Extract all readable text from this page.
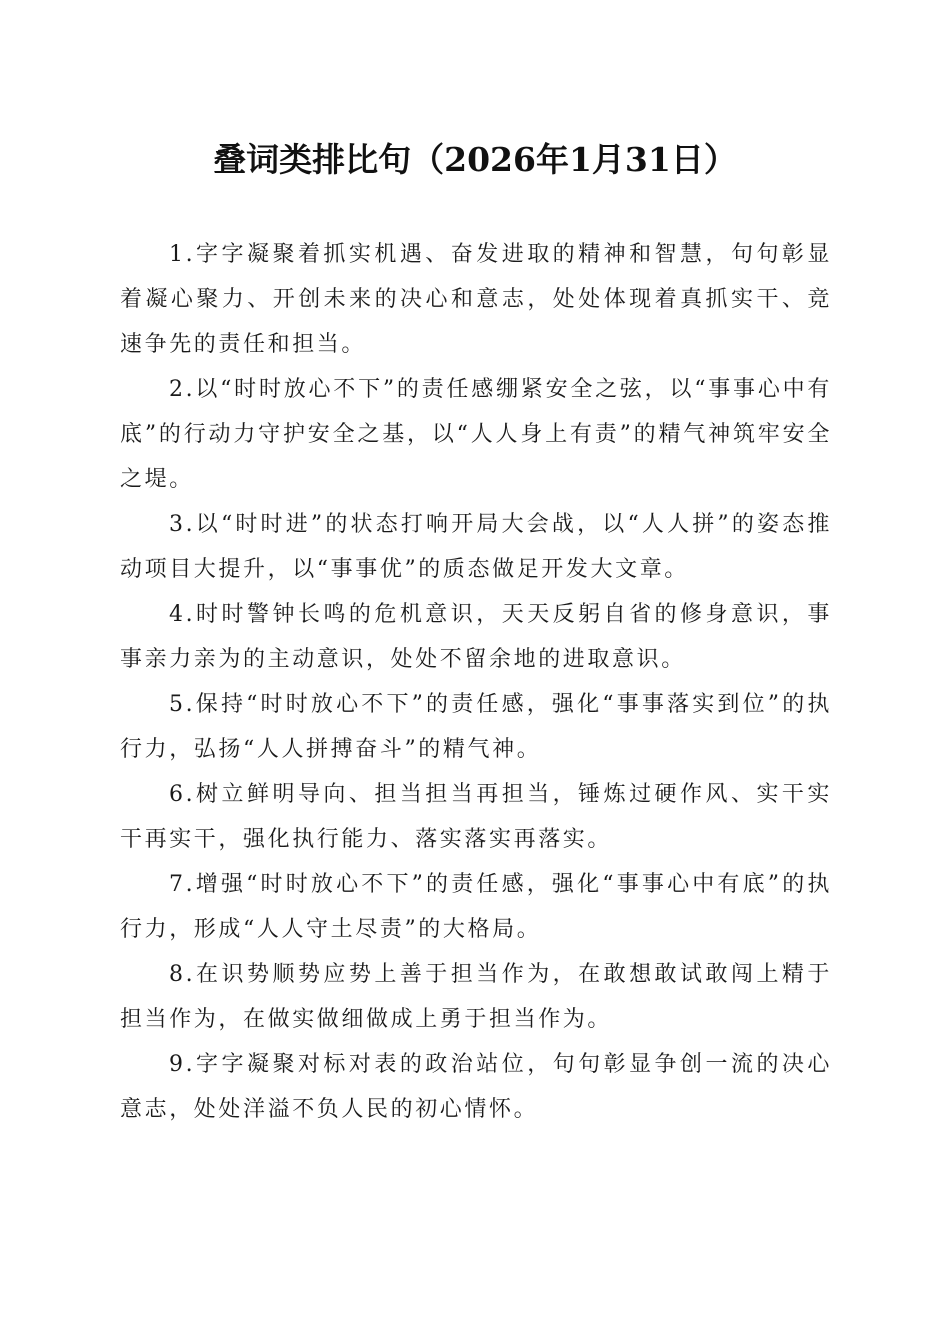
叠词类排比句（2026年1月31日）

1.字字凝聚着抓实机遇、奋发进取的精神和智慧，句句彰显着凝心聚力、开创未来的决心和意志，处处体现着真抓实干、竞速争先的责任和担当。

2.以“时时放心不下”的责任感绷紧安全之弦，以“事事心中有底”的行动力守护安全之基，以“人人身上有责”的精气神筑牢安全之堤。

3.以“时时进”的状态打响开局大会战，以“人人拼”的姿态推动项目大提升，以“事事优”的质态做足开发大文章。

4.时时警钟长鸣的危机意识，天天反躬自省的修身意识，事事亲力亲为的主动意识，处处不留余地的进取意识。

5.保持“时时放心不下”的责任感，强化“事事落实到位”的执行力，弘扬“人人拼搏奋斗”的精气神。

6.树立鲜明导向、担当担当再担当，锤炼过硬作风、实干实干再实干，强化执行能力、落实落实再落实。

7.增强“时时放心不下”的责任感，强化“事事心中有底”的执行力，形成“人人守土尽责”的大格局。

8.在识势顺势应势上善于担当作为，在敢想敢试敢闯上精于担当作为，在做实做细做成上勇于担当作为。

9.字字凝聚对标对表的政治站位，句句彰显争创一流的决心意志，处处洋溢不负人民的初心情怀。
